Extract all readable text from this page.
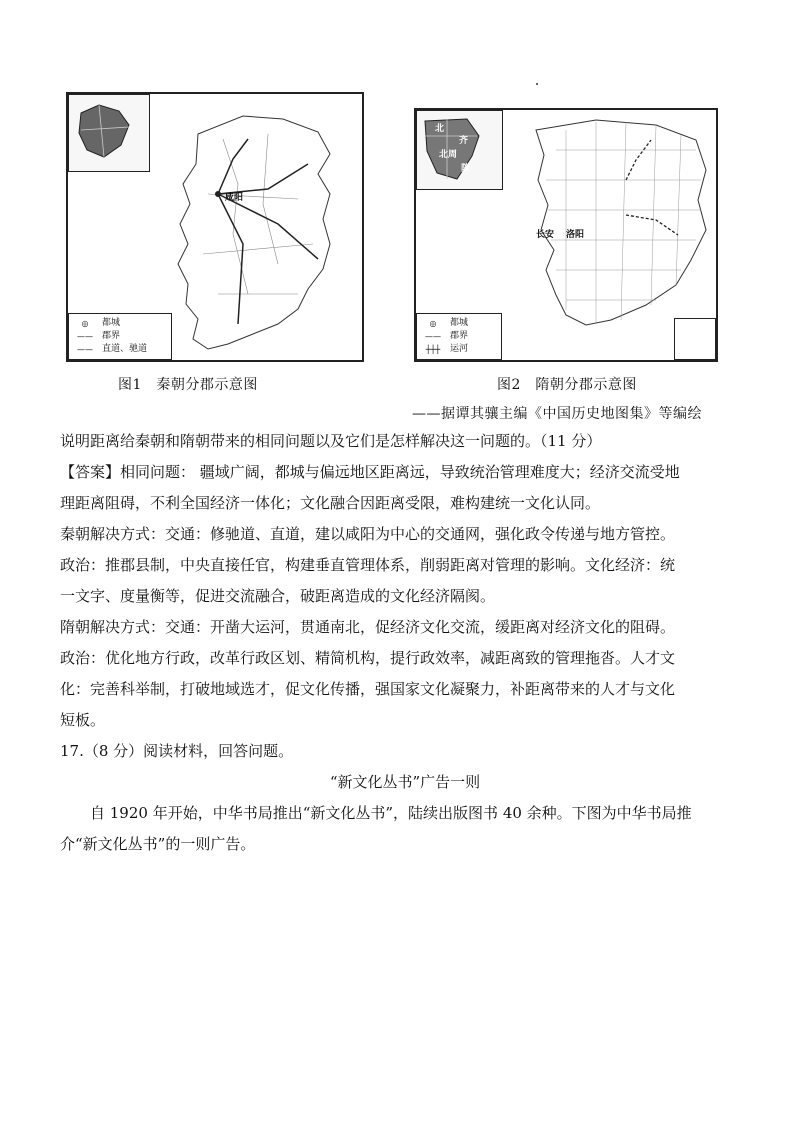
咸阳
◎	都城
——	郡界
——	直道、驰道
图1　秦朝分郡示意图
北
齐
北周
陈
长安 洛阳
◎	都城
——	郡界
┼┼┼	运河
图2　隋朝分郡示意图
——据谭其骧主编《中国历史地图集》等编绘
说明距离给秦朝和隋朝带来的相同问题以及它们是怎样解决这一问题的。（11 分）
【答案】相同问题： 疆域广阔，都城与偏远地区距离远，导致统治管理难度大；经济交流受地
理距离阻碍，不利全国经济一体化；文化融合因距离受限，难构建统一文化认同。
秦朝解决方式：交通：修驰道、直道，建以咸阳为中心的交通网，强化政令传递与地方管控。
政治：推郡县制，中央直接任官，构建垂直管理体系，削弱距离对管理的影响。文化经济：统
一文字、度量衡等，促进交流融合，破距离造成的文化经济隔阂。
隋朝解决方式：交通：开凿大运河，贯通南北，促经济文化交流，缓距离对经济文化的阻碍。
政治：优化地方行政，改革行政区划、精简机构，提行政效率，减距离致的管理拖沓。人才文
化：完善科举制，打破地域选才，促文化传播，强国家文化凝聚力，补距离带来的人才与文化
短板。
17.（8 分）阅读材料，回答问题。
“新文化丛书”广告一则
自 1920 年开始，中华书局推出“新文化丛书”，陆续出版图书 40 余种。下图为中华书局推
介“新文化丛书”的一则广告。
